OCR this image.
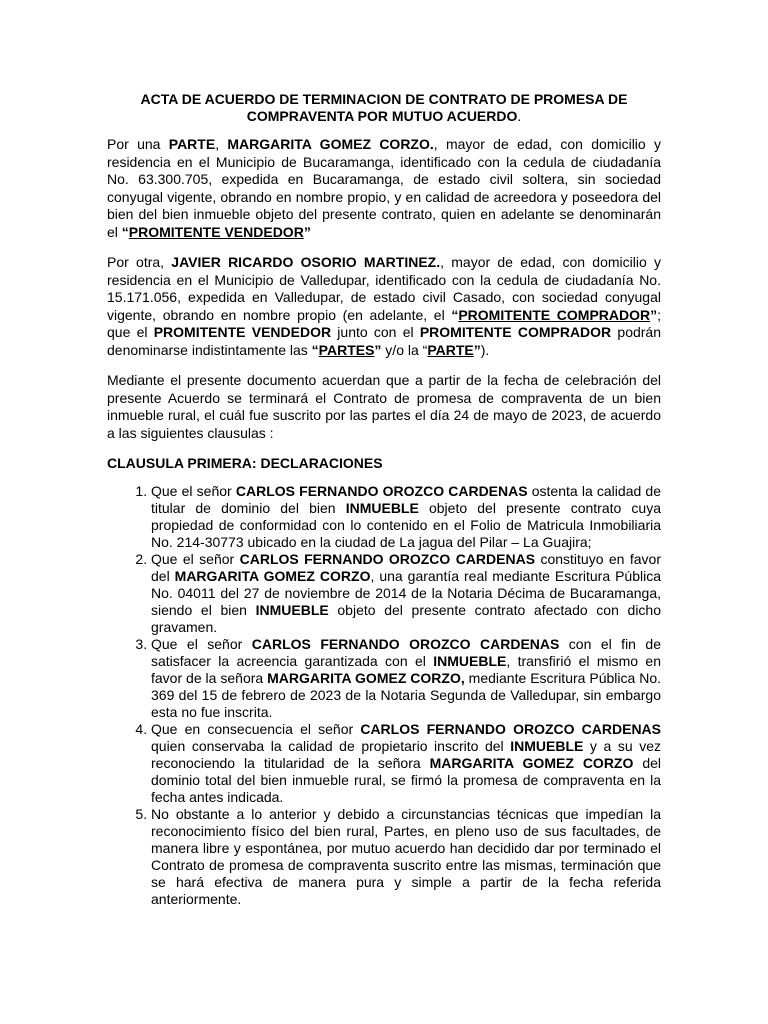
ACTA DE ACUERDO DE TERMINACION DE CONTRATO DE PROMESA DE
COMPRAVENTA POR MUTUO ACUERDO.

Por una PARTE, MARGARITA GOMEZ CORZO., mayor de edad, con domicilio y residencia en el Municipio de Bucaramanga, identificado con la cedula de ciudadanía No. 63.300.705, expedida en Bucaramanga, de estado civil soltera, sin sociedad conyugal vigente, obrando en nombre propio, y en calidad de acreedora y poseedora del bien del bien inmueble objeto del presente contrato, quien en adelante se denominarán el “PROMITENTE VENDEDOR”

Por otra, JAVIER RICARDO OSORIO MARTINEZ., mayor de edad, con domicilio y residencia en el Municipio de Valledupar, identificado con la cedula de ciudadanía No. 15.171.056, expedida en Valledupar, de estado civil Casado, con sociedad conyugal vigente, obrando en nombre propio (en adelante, el “PROMITENTE COMPRADOR”; que el PROMITENTE VENDEDOR junto con el PROMITENTE COMPRADOR podrán denominarse indistintamente las “PARTES” y/o la “PARTE”).

Mediante el presente documento acuerdan que a partir de la fecha de celebración del presente Acuerdo se terminará el Contrato de promesa de compraventa de un bien inmueble rural, el cuál fue suscrito por las partes el día 24 de mayo de 2023, de acuerdo a las siguientes clausulas :

CLAUSULA PRIMERA: DECLARACIONES
1. Que el señor CARLOS FERNANDO OROZCO CARDENAS ostenta la calidad de titular de dominio del bien INMUEBLE objeto del presente contrato cuya propiedad de conformidad con lo contenido en el Folio de Matricula Inmobiliaria No. 214-30773 ubicado en la ciudad de La jagua del Pilar – La Guajira;
2. Que el señor CARLOS FERNANDO OROZCO CARDENAS constituyo en favor del MARGARITA GOMEZ CORZO, una garantía real mediante Escritura Pública No. 04011 del 27 de noviembre de 2014 de la Notaria Décima de Bucaramanga, siendo el bien INMUEBLE objeto del presente contrato afectado con dicho gravamen.
3. Que el señor CARLOS FERNANDO OROZCO CARDENAS con el fin de satisfacer la acreencia garantizada con el INMUEBLE, transfirió el mismo en favor de la señora MARGARITA GOMEZ CORZO, mediante Escritura Pública No. 369 del 15 de febrero de 2023 de la Notaria Segunda de Valledupar, sin embargo esta no fue inscrita.
4. Que en consecuencia el señor CARLOS FERNANDO OROZCO CARDENAS quien conservaba la calidad de propietario inscrito del INMUEBLE y a su vez reconociendo la titularidad de la señora MARGARITA GOMEZ CORZO del dominio total del bien inmueble rural, se firmó la promesa de compraventa en la fecha antes indicada.
5. No obstante a lo anterior y debido a circunstancias técnicas que impedían la reconocimiento físico del bien rural, Partes, en pleno uso de sus facultades, de manera libre y espontánea, por mutuo acuerdo han decidido dar por terminado el Contrato de promesa de compraventa suscrito entre las mismas, terminación que se hará efectiva de manera pura y simple a partir de la fecha referida anteriormente.
